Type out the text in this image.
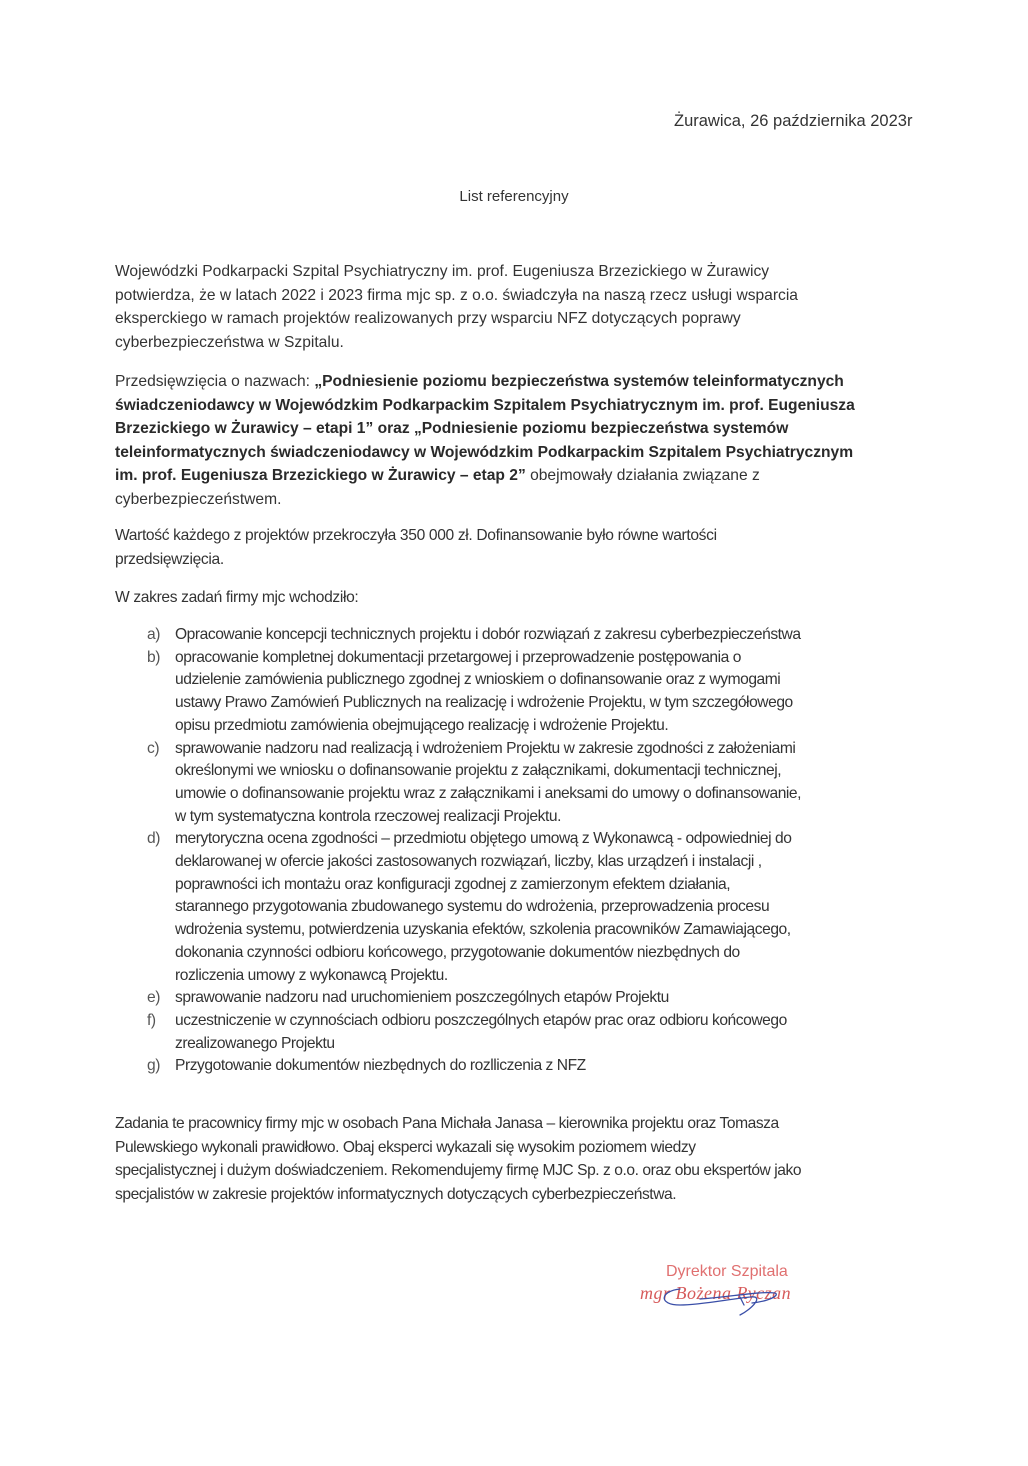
Żurawica, 26 października 2023r
List referencyjny
Wojewódzki Podkarpacki Szpital Psychiatryczny im. prof. Eugeniusza Brzezickiego w Żurawicy
potwierdza, że w latach 2022 i 2023 firma mjc sp. z o.o. świadczyła na naszą rzecz usługi wsparcia
eksperckiego w ramach projektów realizowanych przy wsparciu NFZ dotyczących poprawy
cyberbezpieczeństwa w Szpitalu.
Przedsięwzięcia o nazwach: „Podniesienie poziomu bezpieczeństwa systemów teleinformatycznych
świadczeniodawcy w Wojewódzkim Podkarpackim Szpitalem Psychiatrycznym im. prof. Eugeniusza
Brzezickiego w Żurawicy – etapi 1” oraz „Podniesienie poziomu bezpieczeństwa systemów
teleinformatycznych świadczeniodawcy w Wojewódzkim Podkarpackim Szpitalem Psychiatrycznym
im. prof. Eugeniusza Brzezickiego w Żurawicy – etap 2” obejmowały działania związane z
cyberbezpieczeństwem.
Wartość każdego z projektów przekroczyła 350 000 zł. Dofinansowanie było równe wartości
przedsięwzięcia.
W zakres zadań firmy mjc wchodziło:
a) Opracowanie koncepcji technicznych projektu i dobór rozwiązań z zakresu cyberbezpieczeństwa
b) opracowanie kompletnej dokumentacji przetargowej i przeprowadzenie postępowania o
udzielenie zamówienia publicznego zgodnej z wnioskiem o dofinansowanie oraz z wymogami
ustawy Prawo Zamówień Publicznych na realizację i wdrożenie Projektu, w tym szczegółowego
opisu przedmiotu zamówienia obejmującego realizację i wdrożenie Projektu.
c)	sprawowanie nadzoru nad realizacją i wdrożeniem Projektu w zakresie zgodności z założeniami
określonymi we wniosku o dofinansowanie projektu z załącznikami, dokumentacji technicznej,
umowie o dofinansowanie projektu wraz z załącznikami i aneksami do umowy o dofinansowanie,
w tym systematyczna kontrola rzeczowej realizacji Projektu.
d) merytoryczna ocena zgodności – przedmiotu objętego umową z Wykonawcą - odpowiedniej do
deklarowanej w ofercie jakości zastosowanych rozwiązań, liczby, klas urządzeń i instalacji ,
poprawności ich montażu oraz konfiguracji zgodnej z zamierzonym efektem działania,
starannego przygotowania zbudowanego systemu do wdrożenia, przeprowadzenia procesu
wdrożenia systemu, potwierdzenia uzyskania efektów, szkolenia pracowników Zamawiającego,
dokonania czynności odbioru końcowego, przygotowanie dokumentów niezbędnych do
rozliczenia umowy z wykonawcą Projektu.
e) sprawowanie nadzoru nad uruchomieniem poszczególnych etapów Projektu
f)	uczestniczenie w czynnościach odbioru poszczególnych etapów prac oraz odbioru końcowego
zrealizowanego Projektu
g) Przygotowanie dokumentów niezbędnych do rozlliczenia z NFZ
Zadania te pracownicy firmy mjc w osobach Pana Michała Janasa – kierownika projektu oraz Tomasza
Pulewskiego wykonali prawidłowo. Obaj eksperci wykazali się wysokim poziomem wiedzy
specjalistycznej i dużym doświadczeniem. Rekomendujemy firmę MJC Sp. z o.o. oraz obu ekspertów jako
specjalistów w zakresie projektów informatycznych dotyczących cyberbezpieczeństwa.
Dyrektor Szpitala
mgr Bożena Ryczan
